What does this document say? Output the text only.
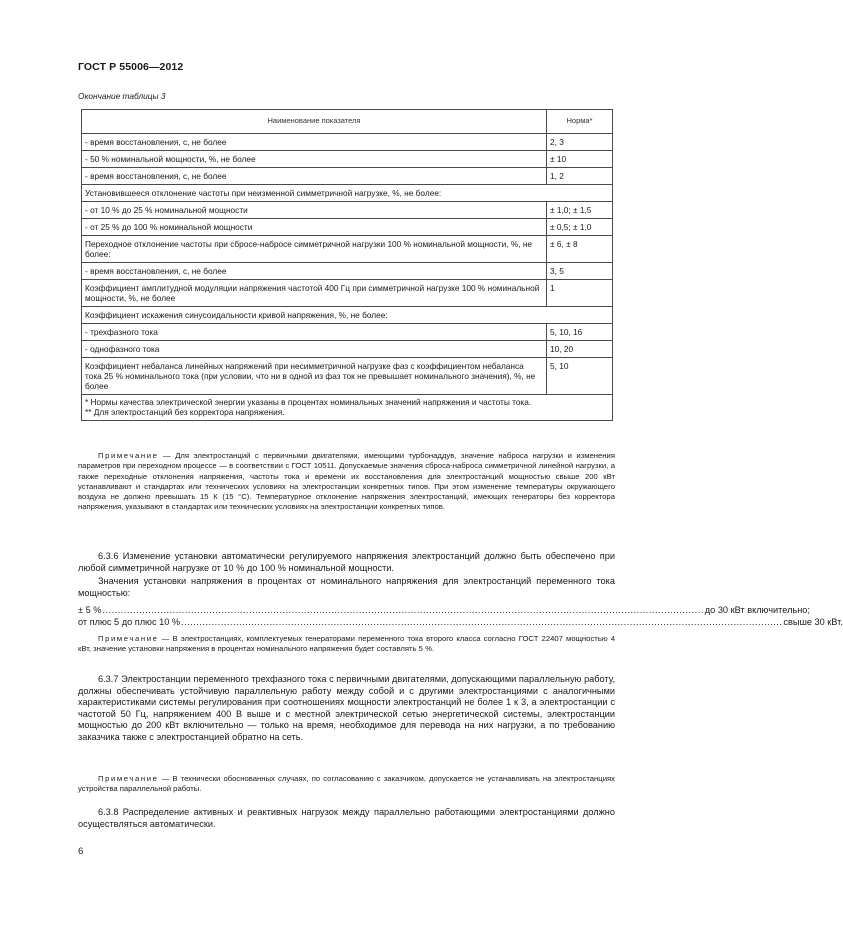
ГОСТ Р 55006—2012
Окончание таблицы 3
Наименование показателя	Норма*
- время восстановления, с, не более	2, 3
- 50 % номинальной мощности, %, не более	± 10
- время восстановления, с, не более	1, 2
Установившееся отклонение частоты при неизменной симметричной нагрузке, %, не более:	
- от 10 % до 25 % номинальной мощности	± 1,0; ± 1,5
- от 25 % до 100 % номинальной мощности	± 0,5; ± 1,0
Переходное отклонение частоты при сбросе-набросе симметричной нагрузки 100 % номинальной мощности, %, не более:	± 6, ± 8
- время восстановления, с, не более	3, 5
Коэффициент амплитудной модуляции напряжения частотой 400 Гц при симметричной нагрузке 100 % номинальной мощности, %, не более	1
Коэффициент искажения синусоидальности кривой напряжения, %, не более:	
- трехфазного тока	5, 10, 16
- однофазного тока	10, 20
Коэффициент небаланса линейных напряжений при несимметричной нагрузке фаз с коэффициентом небаланса тока 25 % номинального тока (при условии, что ни в одной из фаз ток не превышает номинального значения), %, не более	5, 10

* Нормы качества электрической энергии указаны в процентах номинальных значений напряжения и частоты тока.
** Для электростанций без корректора напряжения.	
Примечание — Для электростанций с первичными двигателями, имеющими турбонаддув, значение наброса нагрузки и изменения параметров при переходном процессе — в соответствии с ГОСТ 10511. Допускаемые значения сброса-наброса симметричной линейной нагрузки, а также переходные отклонения напряжения, частоты тока и времени их восстановления для электростанций мощностью свыше 200 кВт устанавливают и стандартах или технических условиях на электростанции конкретных типов. При этом изменение температуры окружающего воздуха не должно превышать 15 К (15 °С). Температурное отклонение напряжения электростанций, имеющих генераторы без корректора напряжения, указывают в стандартах или технических условиях на электростанции конкретных типов.
6.3.6 Изменение установки автоматически регулируемого напряжения электростанций должно быть обеспечено при любой симметричной нагрузке от 10 % до 100 % номинальной мощности.
Значения установки напряжения в процентах от номинального напряжения для электростанций переменного тока мощностью:
± 5 % ..................................................................................................................................................................................................... до 30 кВт включительно;
от плюс 5 до плюс 10 % ..................................................................................................................................................................................................... свыше 30 кВт.
Примечание — В электростанциях, комплектуемых генераторами переменного тока второго класса согласно ГОСТ 22407 мощностью 4 кВт, значение установки напряжения в процентах номинального напряжения будет составлять 5 %.
6.3.7 Электростанции переменного трехфазного тока с первичными двигателями, допускающими параллельную работу, должны обеспечивать устойчивую параллельную работу между собой и с другими электростанциями с аналогичными характеристиками системы регулирования при соотношениях мощности электростанций не более 1 к 3, а электростанции с частотой 50 Гц, напряжением 400 В выше и с местной электрической сетью энергетической системы, электростанции мощностью до 200 кВт включительно — только на время, необходимое для перевода на них нагрузки, а по требованию заказчика также с электростанцией обратно на сеть.
Примечание — В технически обоснованных случаях, по согласованию с заказчиком, допускается не устанавливать на электростанциях устройства параллельной работы.
6.3.8 Распределение активных и реактивных нагрузок между параллельно работающими электростанциями должно осуществляться автоматически.
6
